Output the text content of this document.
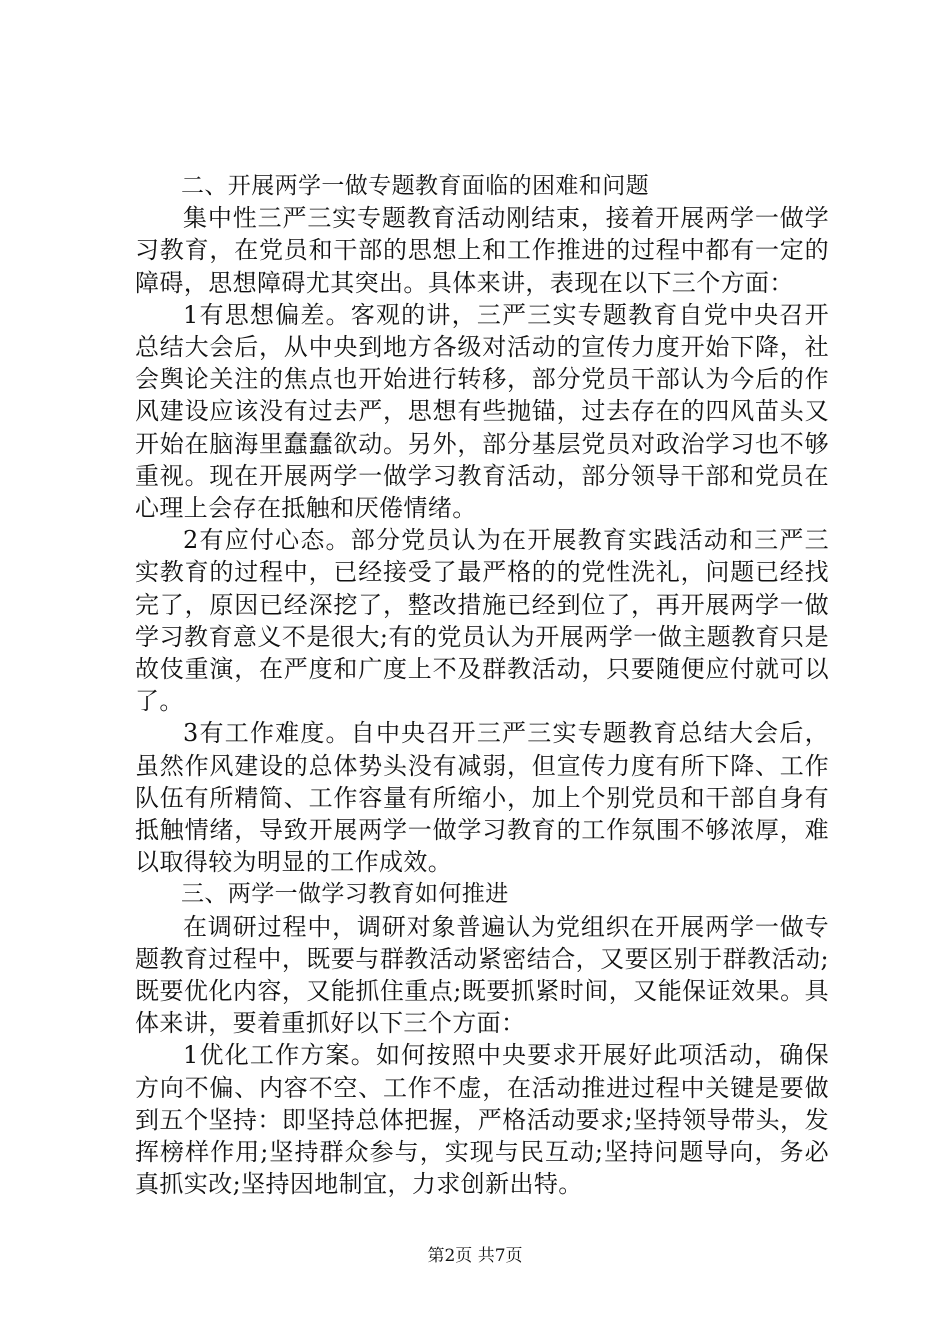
二、开展两学一做专题教育面临的困难和问题

集中性三严三实专题教育活动刚结束，接着开展两学一做学习教育，在党员和干部的思想上和工作推进的过程中都有一定的障碍，思想障碍尤其突出。具体来讲，表现在以下三个方面：

1有思想偏差。客观的讲，三严三实专题教育自党中央召开总结大会后，从中央到地方各级对活动的宣传力度开始下降，社会舆论关注的焦点也开始进行转移，部分党员干部认为今后的作风建设应该没有过去严，思想有些抛锚，过去存在的四风苗头又开始在脑海里蠢蠢欲动。另外，部分基层党员对政治学习也不够重视。现在开展两学一做学习教育活动，部分领导干部和党员在心理上会存在抵触和厌倦情绪。

2有应付心态。部分党员认为在开展教育实践活动和三严三实教育的过程中，已经接受了最严格的的党性洗礼，问题已经找完了，原因已经深挖了，整改措施已经到位了，再开展两学一做学习教育意义不是很大;有的党员认为开展两学一做主题教育只是故伎重演，在严度和广度上不及群教活动，只要随便应付就可以了。

3有工作难度。自中央召开三严三实专题教育总结大会后，虽然作风建设的总体势头没有减弱，但宣传力度有所下降、工作队伍有所精简、工作容量有所缩小，加上个别党员和干部自身有抵触情绪，导致开展两学一做学习教育的工作氛围不够浓厚，难以取得较为明显的工作成效。

三、两学一做学习教育如何推进

在调研过程中，调研对象普遍认为党组织在开展两学一做专题教育过程中，既要与群教活动紧密结合，又要区别于群教活动;既要优化内容，又能抓住重点;既要抓紧时间，又能保证效果。具体来讲，要着重抓好以下三个方面：

1优化工作方案。如何按照中央要求开展好此项活动，确保方向不偏、内容不空、工作不虚，在活动推进过程中关键是要做到五个坚持：即坚持总体把握，严格活动要求;坚持领导带头，发挥榜样作用;坚持群众参与，实现与民互动;坚持问题导向，务必真抓实改;坚持因地制宜，力求创新出特。

第2页 共7页
